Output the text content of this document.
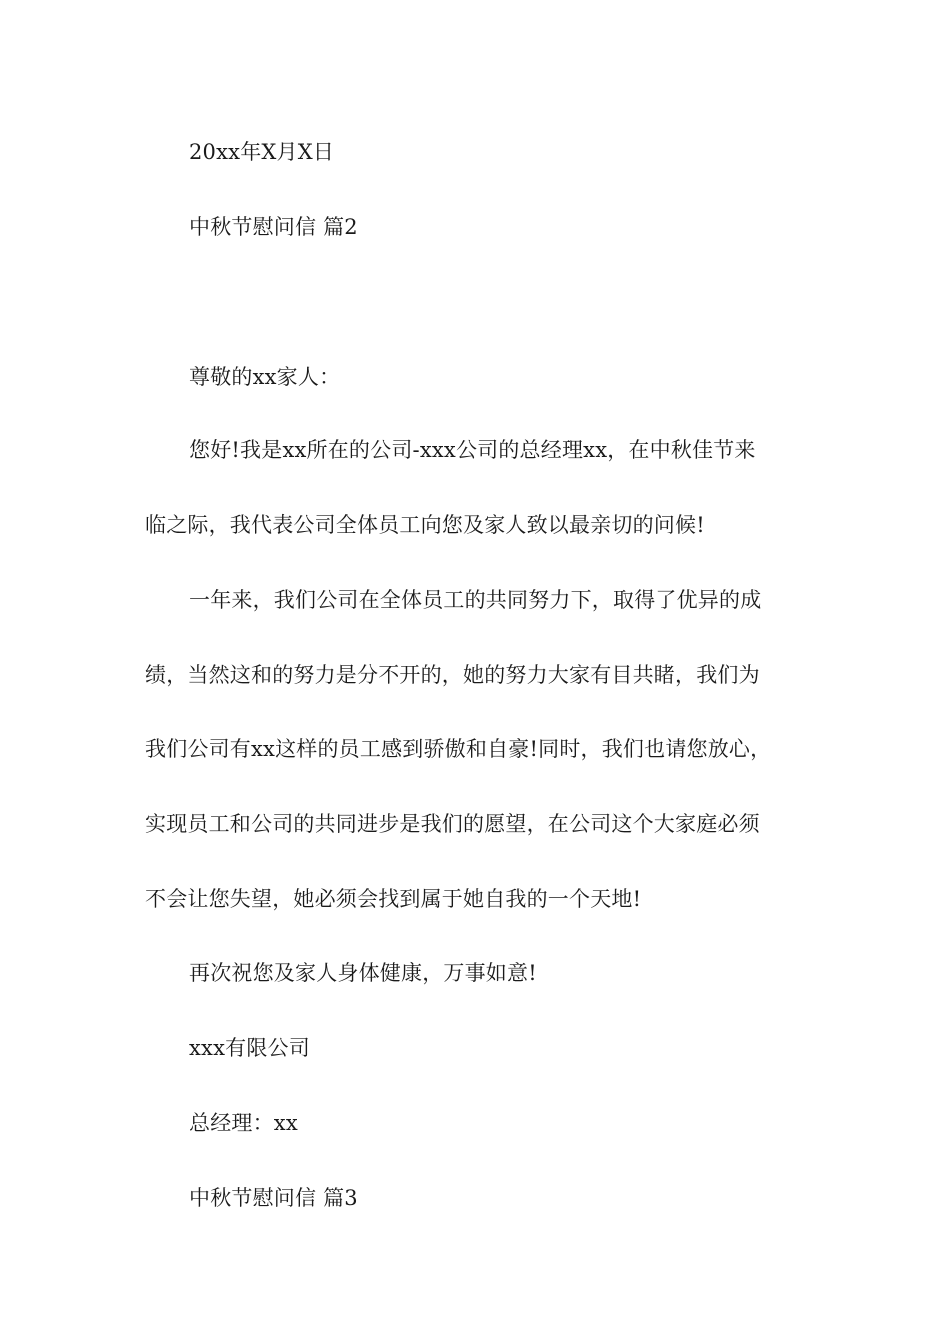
20xx年X月X日
中秋节慰问信 篇2
尊敬的xx家人：
您好!我是xx所在的公司-xxx公司的总经理xx，在中秋佳节来
临之际，我代表公司全体员工向您及家人致以最亲切的问候!
一年来，我们公司在全体员工的共同努力下，取得了优异的成
绩，当然这和的努力是分不开的，她的努力大家有目共睹，我们为
我们公司有xx这样的员工感到骄傲和自豪!同时，我们也请您放心，
实现员工和公司的共同进步是我们的愿望，在公司这个大家庭必须
不会让您失望，她必须会找到属于她自我的一个天地!
再次祝您及家人身体健康，万事如意!
xxx有限公司
总经理：xx
中秋节慰问信 篇3
